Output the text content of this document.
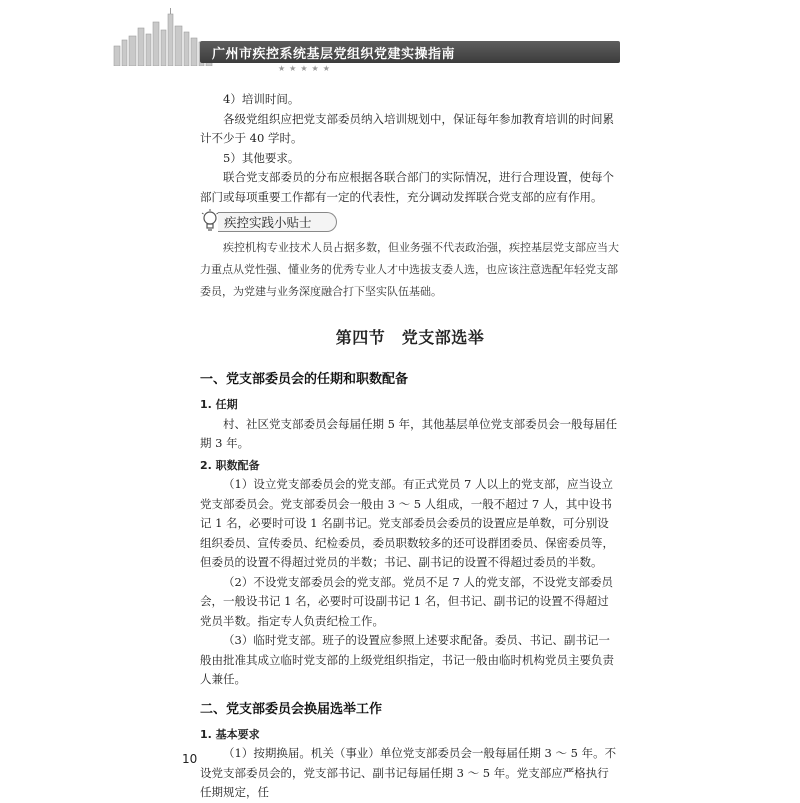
广州市疾控系统基层党组织党建实操指南
★★★★★

4）培训时间。

各级党组织应把党支部委员纳入培训规划中，保证每年参加教育培训的时间累计不少于 40 学时。

5）其他要求。

联合党支部委员的分布应根据各联合部门的实际情况，进行合理设置，使每个部门或每项重要工作都有一定的代表性，充分调动发挥联合党支部的应有作用。

疾控实践小贴士

疾控机构专业技术人员占据多数，但业务强不代表政治强，疾控基层党支部应当大力重点从党性强、懂业务的优秀专业人才中选拔支委人选，也应该注意选配年轻党支部委员，为党建与业务深度融合打下坚实队伍基础。

第四节　党支部选举
一、党支部委员会的任期和职数配备

1. 任期

村、社区党支部委员会每届任期 5 年，其他基层单位党支部委员会一般每届任期 3 年。

2. 职数配备

（1）设立党支部委员会的党支部。有正式党员 7 人以上的党支部，应当设立党支部委员会。党支部委员会一般由 3 ～ 5 人组成，一般不超过 7 人，其中设书记 1 名，必要时可设 1 名副书记。党支部委员会委员的设置应是单数，可分别设组织委员、宣传委员、纪检委员，委员职数较多的还可设群团委员、保密委员等，但委员的设置不得超过党员的半数；书记、副书记的设置不得超过委员的半数。

（2）不设党支部委员会的党支部。党员不足 7 人的党支部，不设党支部委员会，一般设书记 1 名，必要时可设副书记 1 名，但书记、副书记的设置不得超过党员半数。指定专人负责纪检工作。

（3）临时党支部。班子的设置应参照上述要求配备。委员、书记、副书记一般由批准其成立临时党支部的上级党组织指定，书记一般由临时机构党员主要负责人兼任。

二、党支部委员会换届选举工作

1. 基本要求

（1）按期换届。机关（事业）单位党支部委员会一般每届任期 3 ～ 5 年。不设党支部委员会的，党支部书记、副书记每届任期 3 ～ 5 年。党支部应严格执行任期规定，任

10
